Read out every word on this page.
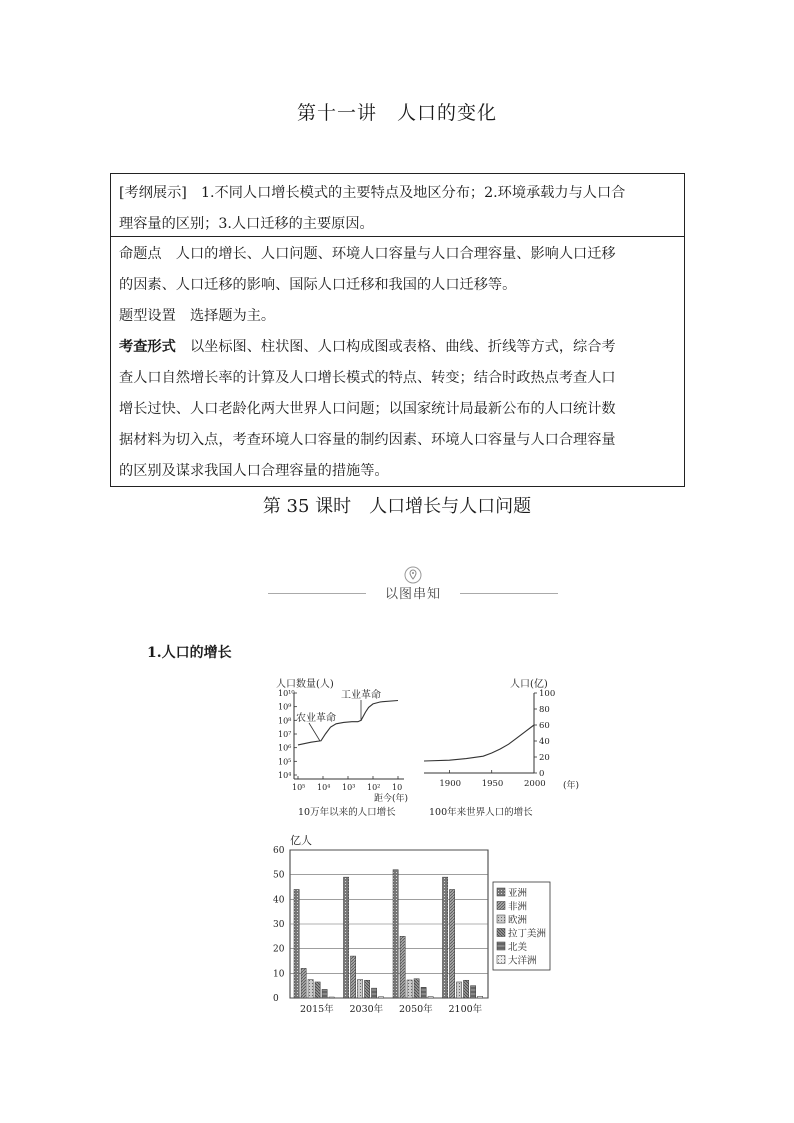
第十一讲　人口的变化

[考纲展示]　1.不同人口增长模式的主要特点及地区分布；2.环境承载力与人口合

理容量的区别；3.人口迁移的主要原因。

命题点　人口的增长、人口问题、环境人口容量与人口合理容量、影响人口迁移

的因素、人口迁移的影响、国际人口迁移和我国的人口迁移等。

题型设置　选择题为主。

考查形式　以坐标图、柱状图、人口构成图或表格、曲线、折线等方式，综合考

查人口自然增长率的计算及人口增长模式的特点、转变；结合时政热点考查人口

增长过快、人口老龄化两大世界人口问题；以国家统计局最新公布的人口统计数

据材料为切入点，考查环境人口容量的制约因素、环境人口容量与人口合理容量

的区别及谋求我国人口合理容量的措施等。

第 35 课时　人口增长与人口问题
以图串知
1.人口的增长
人口数量(人)
10⁴
10⁵
10⁶
10⁷
10⁸
10⁹
10¹⁰
10⁵ 10⁴ 10³ 10² 10
农业革命
工业革命
距今(年)
10万年以来的人口增长
人口(亿)
0
20
40
60
80
100
1900 1950 2000 (年)
100年来世界人口的增长
亿人
0
10
20
30
40
50
60
2015年 2030年 2050年 2100年
亚洲
非洲
欧洲
拉丁美洲
北美
大洋洲
